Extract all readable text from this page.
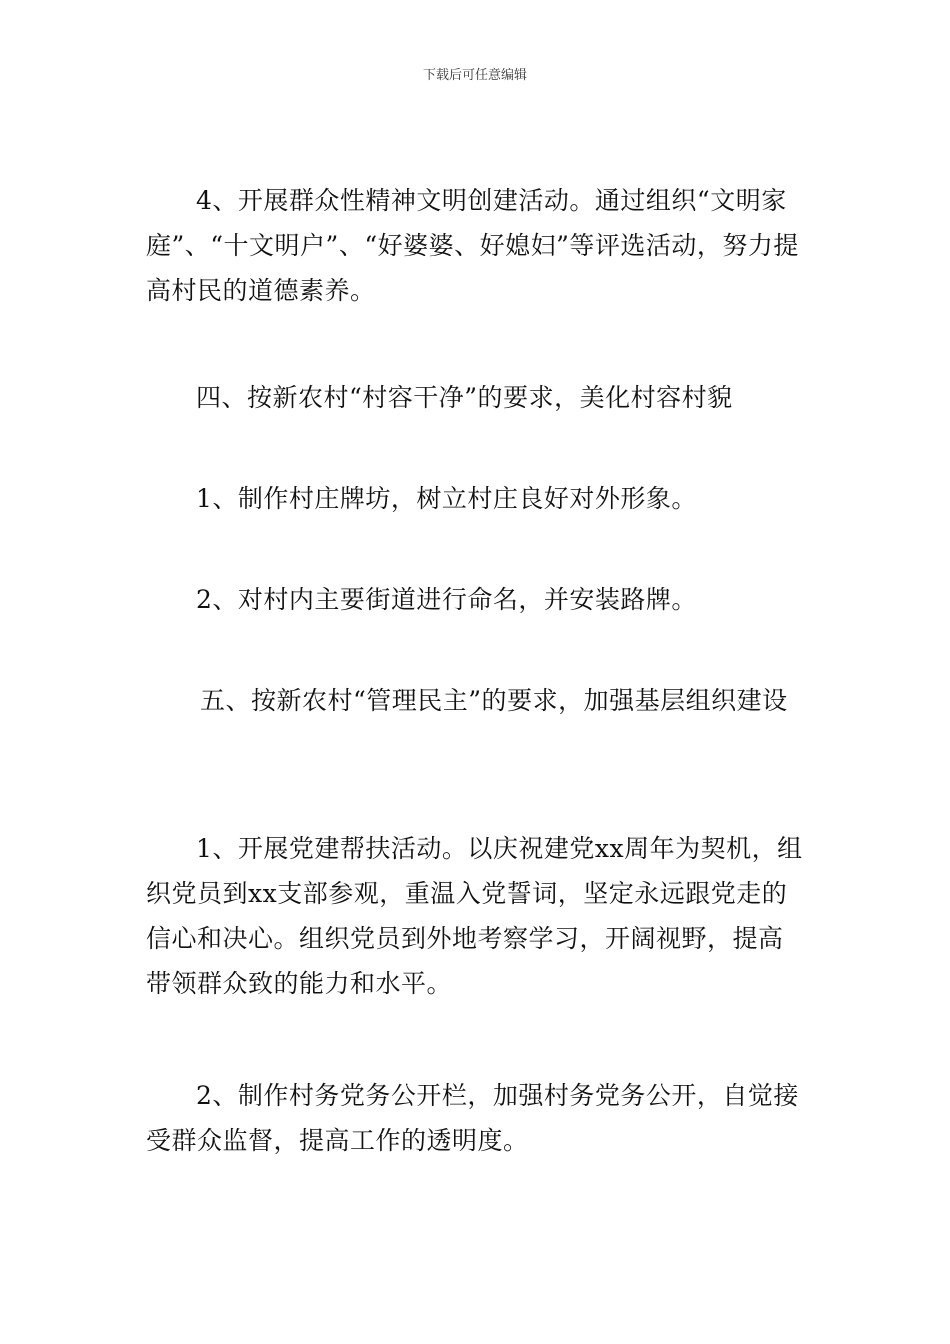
下载后可任意编辑

4、开展群众性精神文明创建活动。通过组织“文明家庭”、“十文明户”、“好婆婆、好媳妇”等评选活动，努力提高村民的道德素养。

四、按新农村“村容干净”的要求，美化村容村貌

1、制作村庄牌坊，树立村庄良好对外形象。

2、对村内主要街道进行命名，并安装路牌。

五、按新农村“管理民主”的要求，加强基层组织建设

1、开展党建帮扶活动。以庆祝建党xx周年为契机，组织党员到xx支部参观，重温入党誓词，坚定永远跟党走的信心和决心。组织党员到外地考察学习，开阔视野，提高带领群众致的能力和水平。

2、制作村务党务公开栏，加强村务党务公开，自觉接受群众监督，提高工作的透明度。
